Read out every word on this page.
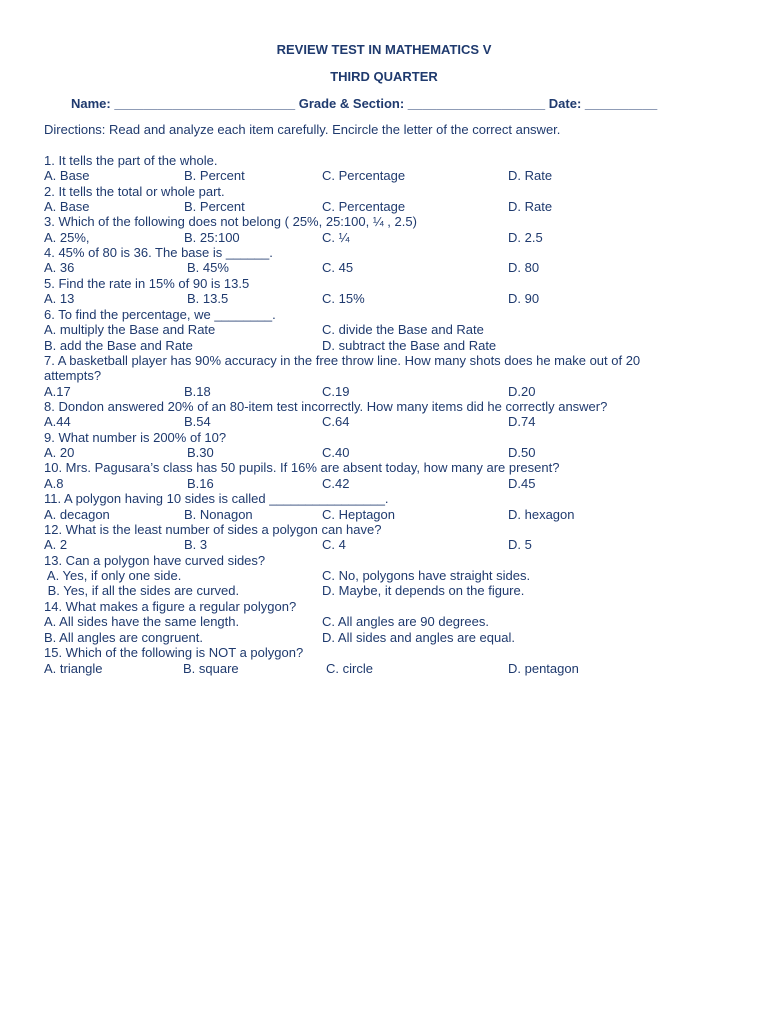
REVIEW TEST IN MATHEMATICS V
THIRD QUARTER
Name: _________________________ Grade & Section: ___________________ Date: __________
Directions: Read and analyze each item carefully. Encircle the letter of the correct answer.
1. It tells the part of the whole.

A. Base

	B. Percent

	C. Percentage

	D. Rate

2. It tells the total or whole part.

A. Base

	B. Percent

	C. Percentage

	D. Rate

3. Which of the following does not belong ( 25%, 25:100, ¼ , 2.5)

A. 25%,

	B. 25:100

	C. ¼

	D. 2.5

4. 45% of 80 is 36. The base is ______.

A. 36

	B. 45%

	C. 45

	D. 80

5. Find the rate in 15% of 90 is 13.5

A. 13

	B. 13.5

	C. 15%

	D. 90

6. To find the percentage, we ________.

A. multiply the Base and Rate

	C. divide the Base and Rate

B. add the Base and Rate

	D. subtract the Base and Rate

7. A basketball player has 90% accuracy in the free throw line. How many shots does he make out of 20
attempts?

A.17

	B.18

	C.19

	D.20

8. Dondon answered 20% of an 80-item test incorrectly. How many items did he correctly answer?

A.44

	B.54

	C.64

	D.74

9. What number is 200% of 10?

A. 20

	B.30

	C.40

	D.50

10. Mrs. Pagusara’s class has 50 pupils. If 16% are absent today, how many are present?

A.8

	B.16

	C.42

	D.45

11. A polygon having 10 sides is called ________________.

A. decagon

	B. Nonagon

	C. Heptagon

	D. hexagon

12. What is the least number of sides a polygon can have?

A. 2

	B. 3

	C. 4

	D. 5

13. Can a polygon have curved sides?

A. Yes, if only one side.

	C. No, polygons have straight sides.

B. Yes, if all the sides are curved.

	D. Maybe, it depends on the figure.

14. What makes a figure a regular polygon?

A. All sides have the same length.

	C. All angles are 90 degrees.

B. All angles are congruent.

	D. All sides and angles are equal.

15. Which of the following is NOT a polygon?

A. triangle

	B. square

	C. circle

	D. pentagon
